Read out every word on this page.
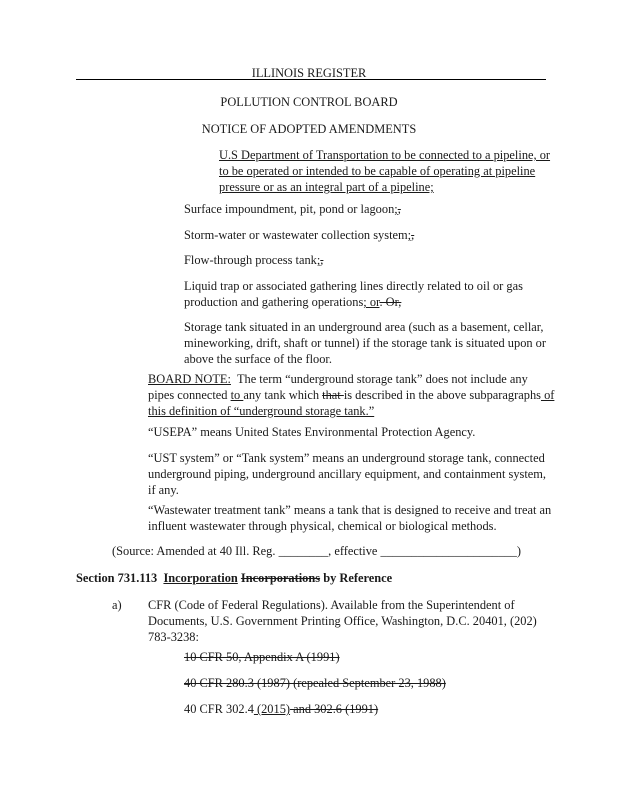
ILLINOIS REGISTER
POLLUTION CONTROL BOARD
NOTICE OF ADOPTED AMENDMENTS
U.S Department of Transportation to be connected to a pipeline, or
to be operated or intended to be capable of operating at pipeline
pressure or as an integral part of a pipeline;
Surface impoundment, pit, pond or lagoon;,
Storm-water or wastewater collection system;,
Flow-through process tank;,
Liquid trap or associated gathering lines directly related to oil or gas
production and gathering operations; or. Or,
Storage tank situated in an underground area (such as a basement, cellar,
mineworking, drift, shaft or tunnel) if the storage tank is situated upon or
above the surface of the floor.
BOARD NOTE: The term “underground storage tank” does not include any
pipes connected to any tank which that is described in the above subparagraphs of
this definition of “underground storage tank.”
“USEPA” means United States Environmental Protection Agency.
“UST system” or “Tank system” means an underground storage tank, connected
underground piping, underground ancillary equipment, and containment system,
if any.
“Wastewater treatment tank” means a tank that is designed to receive and treat an
influent wastewater through physical, chemical or biological methods.
(Source: Amended at 40 Ill. Reg. ________, effective ______________________)
Section 731.113 Incorporation Incorporations by Reference
a) CFR (Code of Federal Regulations). Available from the Superintendent of
Documents, U.S. Government Printing Office, Washington, D.C. 20401, (202)
783-3238:
10 CFR 50, Appendix A (1991)
40 CFR 280.3 (1987) (repealed September 23, 1988)
40 CFR 302.4 (2015) and 302.6 (1991)
